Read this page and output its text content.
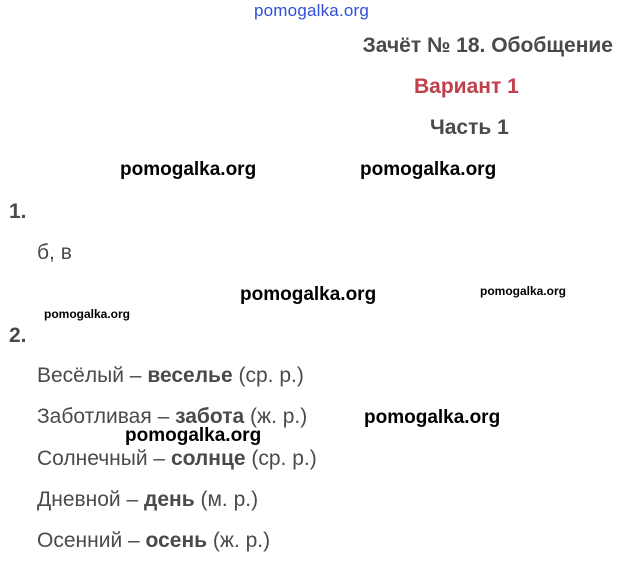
pomogalka.org
Зачёт № 18. Обобщение
Вариант 1
Часть 1
pomogalka.org	pomogalka.org
1.
б, в
pomogalka.org	pomogalka.org
pomogalka.org
2.
Весёлый – веселье (ср. р.)
Заботливая – забота (ж. р.)	pomogalka.org
pomogalka.org
Солнечный – солнце (ср. р.)
Дневной – день (м. р.)
Осенний – осень (ж. р.)
